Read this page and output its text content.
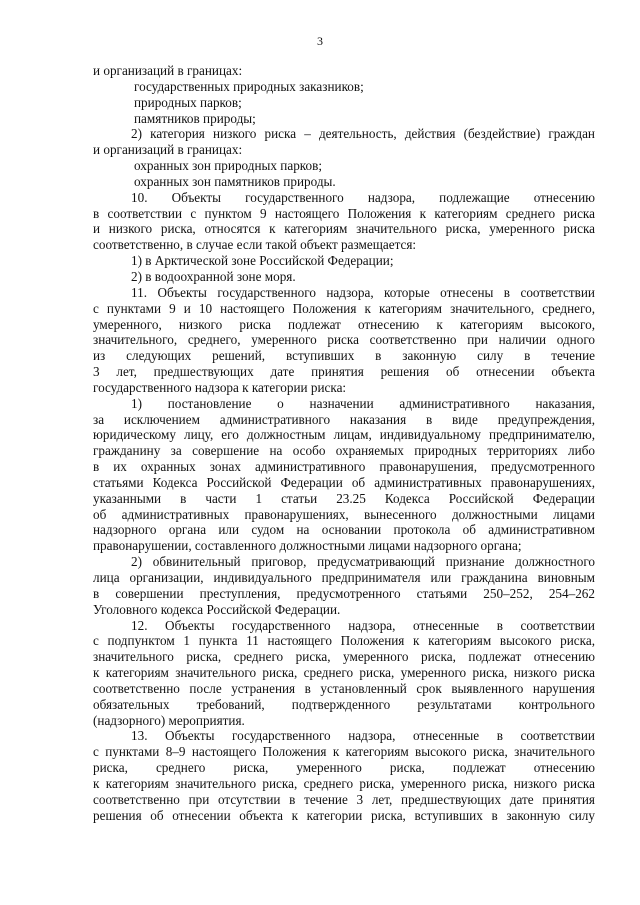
3
и организаций в границах:
государственных природных заказников;
природных парков;
памятников природы;
2) категория низкого риска – деятельность, действия (бездействие) граждан
и организаций в границах:
охранных зон природных парков;
охранных зон памятников природы.
10. Объекты государственного надзора, подлежащие отнесению
в соответствии с пунктом 9 настоящего Положения к категориям среднего риска
и низкого риска, относятся к категориям значительного риска, умеренного риска
соответственно, в случае если такой объект размещается:
1) в Арктической зоне Российской Федерации;
2) в водоохранной зоне моря.
11. Объекты государственного надзора, которые отнесены в соответствии
с пунктами 9 и 10 настоящего Положения к категориям значительного, среднего,
умеренного, низкого риска подлежат отнесению к категориям высокого,
значительного, среднего, умеренного риска соответственно при наличии одного
из следующих решений, вступивших в законную силу в течение
3 лет, предшествующих дате принятия решения об отнесении объекта
государственного надзора к категории риска:
1) постановление о назначении административного наказания,
за исключением административного наказания в виде предупреждения,
юридическому лицу, его должностным лицам, индивидуальному предпринимателю,
гражданину за совершение на особо охраняемых природных территориях либо
в их охранных зонах административного правонарушения, предусмотренного
статьями Кодекса Российской Федерации об административных правонарушениях,
указанными в части 1 статьи 23.25 Кодекса Российской Федерации
об административных правонарушениях, вынесенного должностными лицами
надзорного органа или судом на основании протокола об административном
правонарушении, составленного должностными лицами надзорного органа;
2) обвинительный приговор, предусматривающий признание должностного
лица организации, индивидуального предпринимателя или гражданина виновным
в совершении преступления, предусмотренного статьями 250–252, 254–262
Уголовного кодекса Российской Федерации.
12. Объекты государственного надзора, отнесенные в соответствии
с подпунктом 1 пункта 11 настоящего Положения к категориям высокого риска,
значительного риска, среднего риска, умеренного риска, подлежат отнесению
к категориям значительного риска, среднего риска, умеренного риска, низкого риска
соответственно после устранения в установленный срок выявленного нарушения
обязательных требований, подтвержденного результатами контрольного
(надзорного) мероприятия.
13. Объекты государственного надзора, отнесенные в соответствии
с пунктами 8–9 настоящего Положения к категориям высокого риска, значительного
риска, среднего риска, умеренного риска, подлежат отнесению
к категориям значительного риска, среднего риска, умеренного риска, низкого риска
соответственно при отсутствии в течение 3 лет, предшествующих дате принятия
решения об отнесении объекта к категории риска, вступивших в законную силу
